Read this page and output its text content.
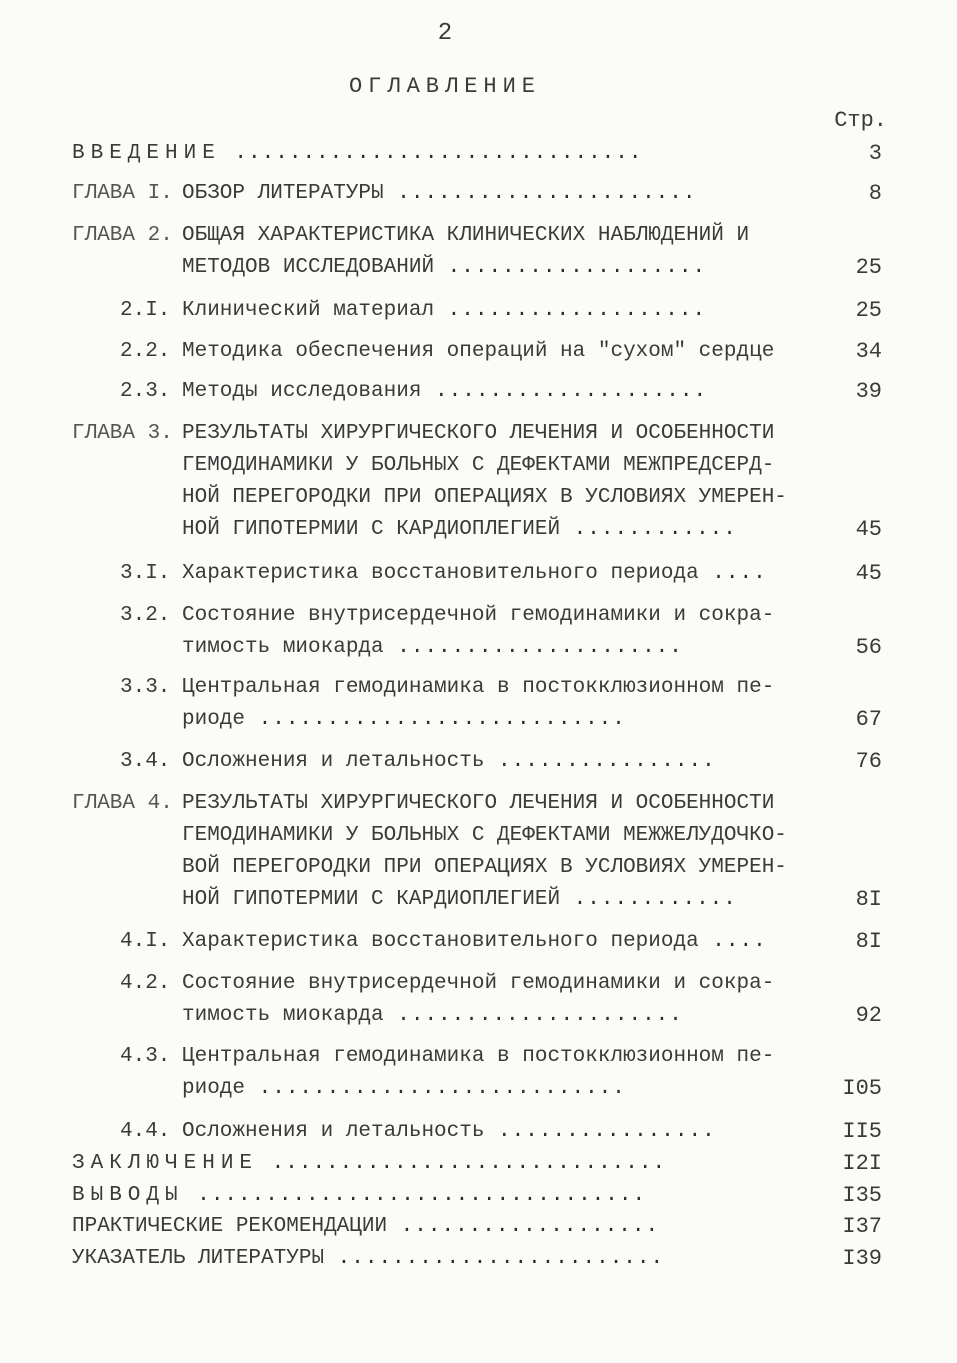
2
ОГЛАВЛЕНИЕ
Стр.
ВВЕДЕНИЕ ..............................	3
ГЛАВА I. ОБЗОР ЛИТЕРАТУРЫ ......................	8
ГЛАВА 2. ОБЩАЯ ХАРАКТЕРИСТИКА КЛИНИЧЕСКИХ НАБЛЮДЕНИЙ И
МЕТОДОВ ИССЛЕДОВАНИЙ ...................	25
2.I. Клинический материал ...................	25
2.2. Методика обеспечения операций на "сухом" сердце	34
2.3. Методы исследования ....................	39
ГЛАВА 3. РЕЗУЛЬТАТЫ ХИРУРГИЧЕСКОГО ЛЕЧЕНИЯ И ОСОБЕННОСТИ
ГЕМОДИНАМИКИ У БОЛЬНЫХ С ДЕФЕКТАМИ МЕЖПРЕДСЕРД-
НОЙ ПЕРЕГОРОДКИ ПРИ ОПЕРАЦИЯХ В УСЛОВИЯХ УМЕРЕН-
НОЙ ГИПОТЕРМИИ С КАРДИОПЛЕГИЕЙ ............	45
3.I. Характеристика восстановительного периода ....	45
3.2. Состояние внутрисердечной гемодинамики и сокра-
тимость миокарда .....................	56
3.3. Центральная гемодинамика в постокклюзионном пе-
риоде ...........................	67
3.4. Осложнения и летальность ................	76
ГЛАВА 4. РЕЗУЛЬТАТЫ ХИРУРГИЧЕСКОГО ЛЕЧЕНИЯ И ОСОБЕННОСТИ
ГЕМОДИНАМИКИ У БОЛЬНЫХ С ДЕФЕКТАМИ МЕЖЖЕЛУДОЧКО-
ВОЙ ПЕРЕГОРОДКИ ПРИ ОПЕРАЦИЯХ В УСЛОВИЯХ УМЕРЕН-
НОЙ ГИПОТЕРМИИ С КАРДИОПЛЕГИЕЙ ............	8I
4.I. Характеристика восстановительного периода ....	8I
4.2. Состояние внутрисердечной гемодинамики и сокра-
тимость миокарда .....................	92
4.3. Центральная гемодинамика в постокклюзионном пе-
риоде ...........................	I05
4.4. Осложнения и летальность ................	II5
ЗАКЛЮЧЕНИЕ .............................	I2I
ВЫВОДЫ .................................	I35
ПРАКТИЧЕСКИЕ РЕКОМЕНДАЦИИ ...................	I37
УКАЗАТЕЛЬ ЛИТЕРАТУРЫ ........................	I39
